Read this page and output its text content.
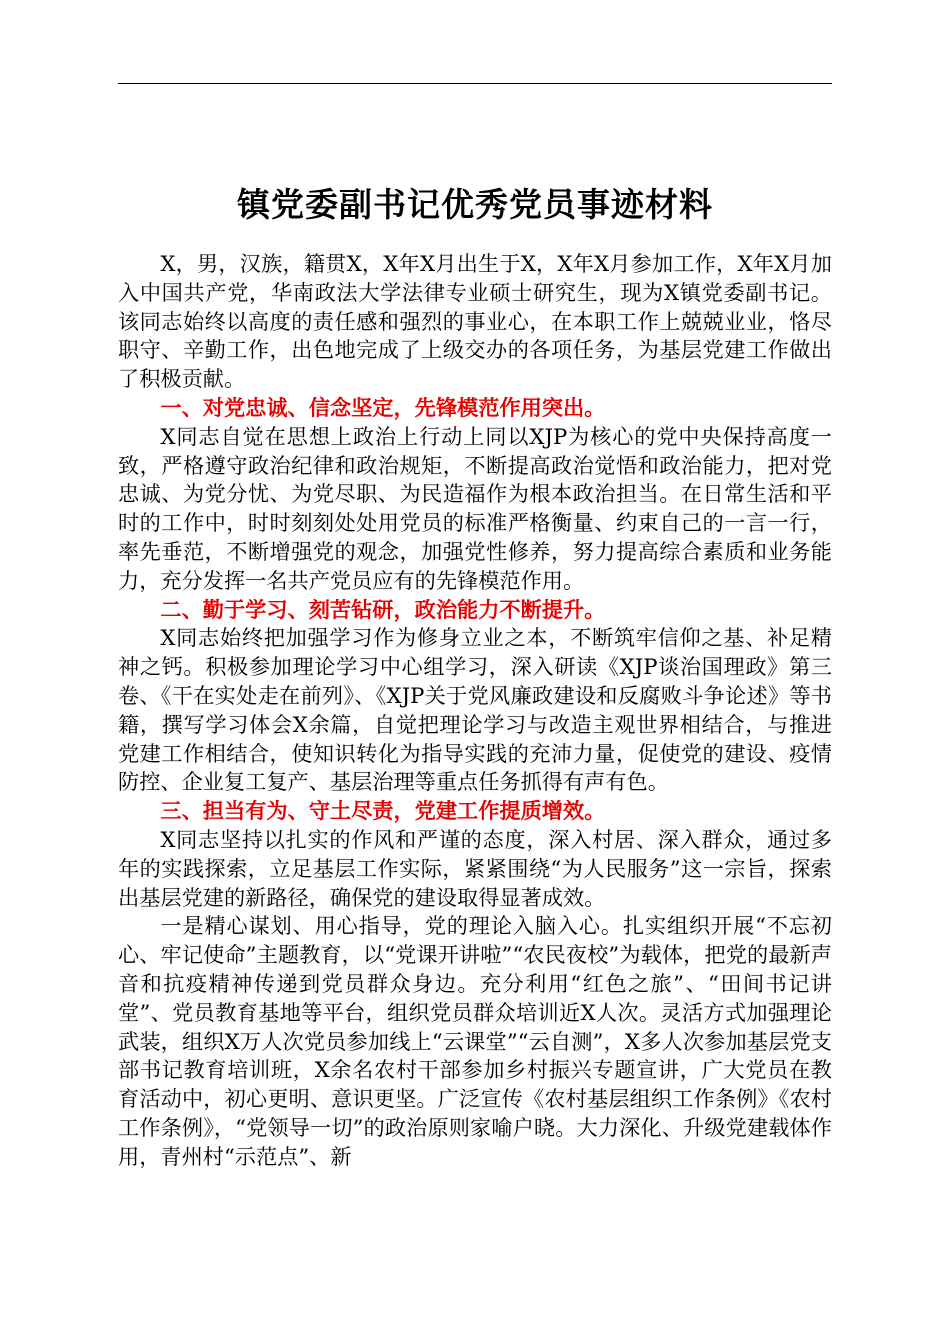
镇党委副书记优秀党员事迹材料

X，男，汉族，籍贯X，X年X月出生于X，X年X月参加工作，X年X月加入中国共产党，华南政法大学法律专业硕士研究生，现为X镇党委副书记。该同志始终以高度的责任感和强烈的事业心，在本职工作上兢兢业业，恪尽职守、辛勤工作，出色地完成了上级交办的各项任务，为基层党建工作做出了积极贡献。

一、对党忠诚、信念坚定，先锋模范作用突出。

X同志自觉在思想上政治上行动上同以XJP为核心的党中央保持高度一致，严格遵守政治纪律和政治规矩，不断提高政治觉悟和政治能力，把对党忠诚、为党分忧、为党尽职、为民造福作为根本政治担当。在日常生活和平时的工作中，时时刻刻处处用党员的标准严格衡量、约束自己的一言一行，率先垂范，不断增强党的观念，加强党性修养，努力提高综合素质和业务能力，充分发挥一名共产党员应有的先锋模范作用。

二、勤于学习、刻苦钻研，政治能力不断提升。

X同志始终把加强学习作为修身立业之本，不断筑牢信仰之基、补足精神之钙。积极参加理论学习中心组学习，深入研读《XJP谈治国理政》第三卷、《干在实处走在前列》、《XJP关于党风廉政建设和反腐败斗争论述》等书籍，撰写学习体会X余篇，自觉把理论学习与改造主观世界相结合，与推进党建工作相结合，使知识转化为指导实践的充沛力量，促使党的建设、疫情防控、企业复工复产、基层治理等重点任务抓得有声有色。

三、担当有为、守土尽责，党建工作提质增效。

X同志坚持以扎实的作风和严谨的态度，深入村居、深入群众，通过多年的实践探索，立足基层工作实际，紧紧围绕“为人民服务”这一宗旨，探索出基层党建的新路径，确保党的建设取得显著成效。

一是精心谋划、用心指导，党的理论入脑入心。扎实组织开展“不忘初心、牢记使命”主题教育，以“党课开讲啦”“农民夜校”为载体，把党的最新声音和抗疫精神传递到党员群众身边。充分利用“红色之旅”、“田间书记讲堂”、党员教育基地等平台，组织党员群众培训近X人次。灵活方式加强理论武装，组织X万人次党员参加线上“云课堂”“云自测”，X多人次参加基层党支部书记教育培训班，X余名农村干部参加乡村振兴专题宣讲，广大党员在教育活动中，初心更明、意识更坚。广泛宣传《农村基层组织工作条例》《农村工作条例》，“党领导一切”的政治原则家喻户晓。大力深化、升级党建载体作用，青州村“示范点”、新
